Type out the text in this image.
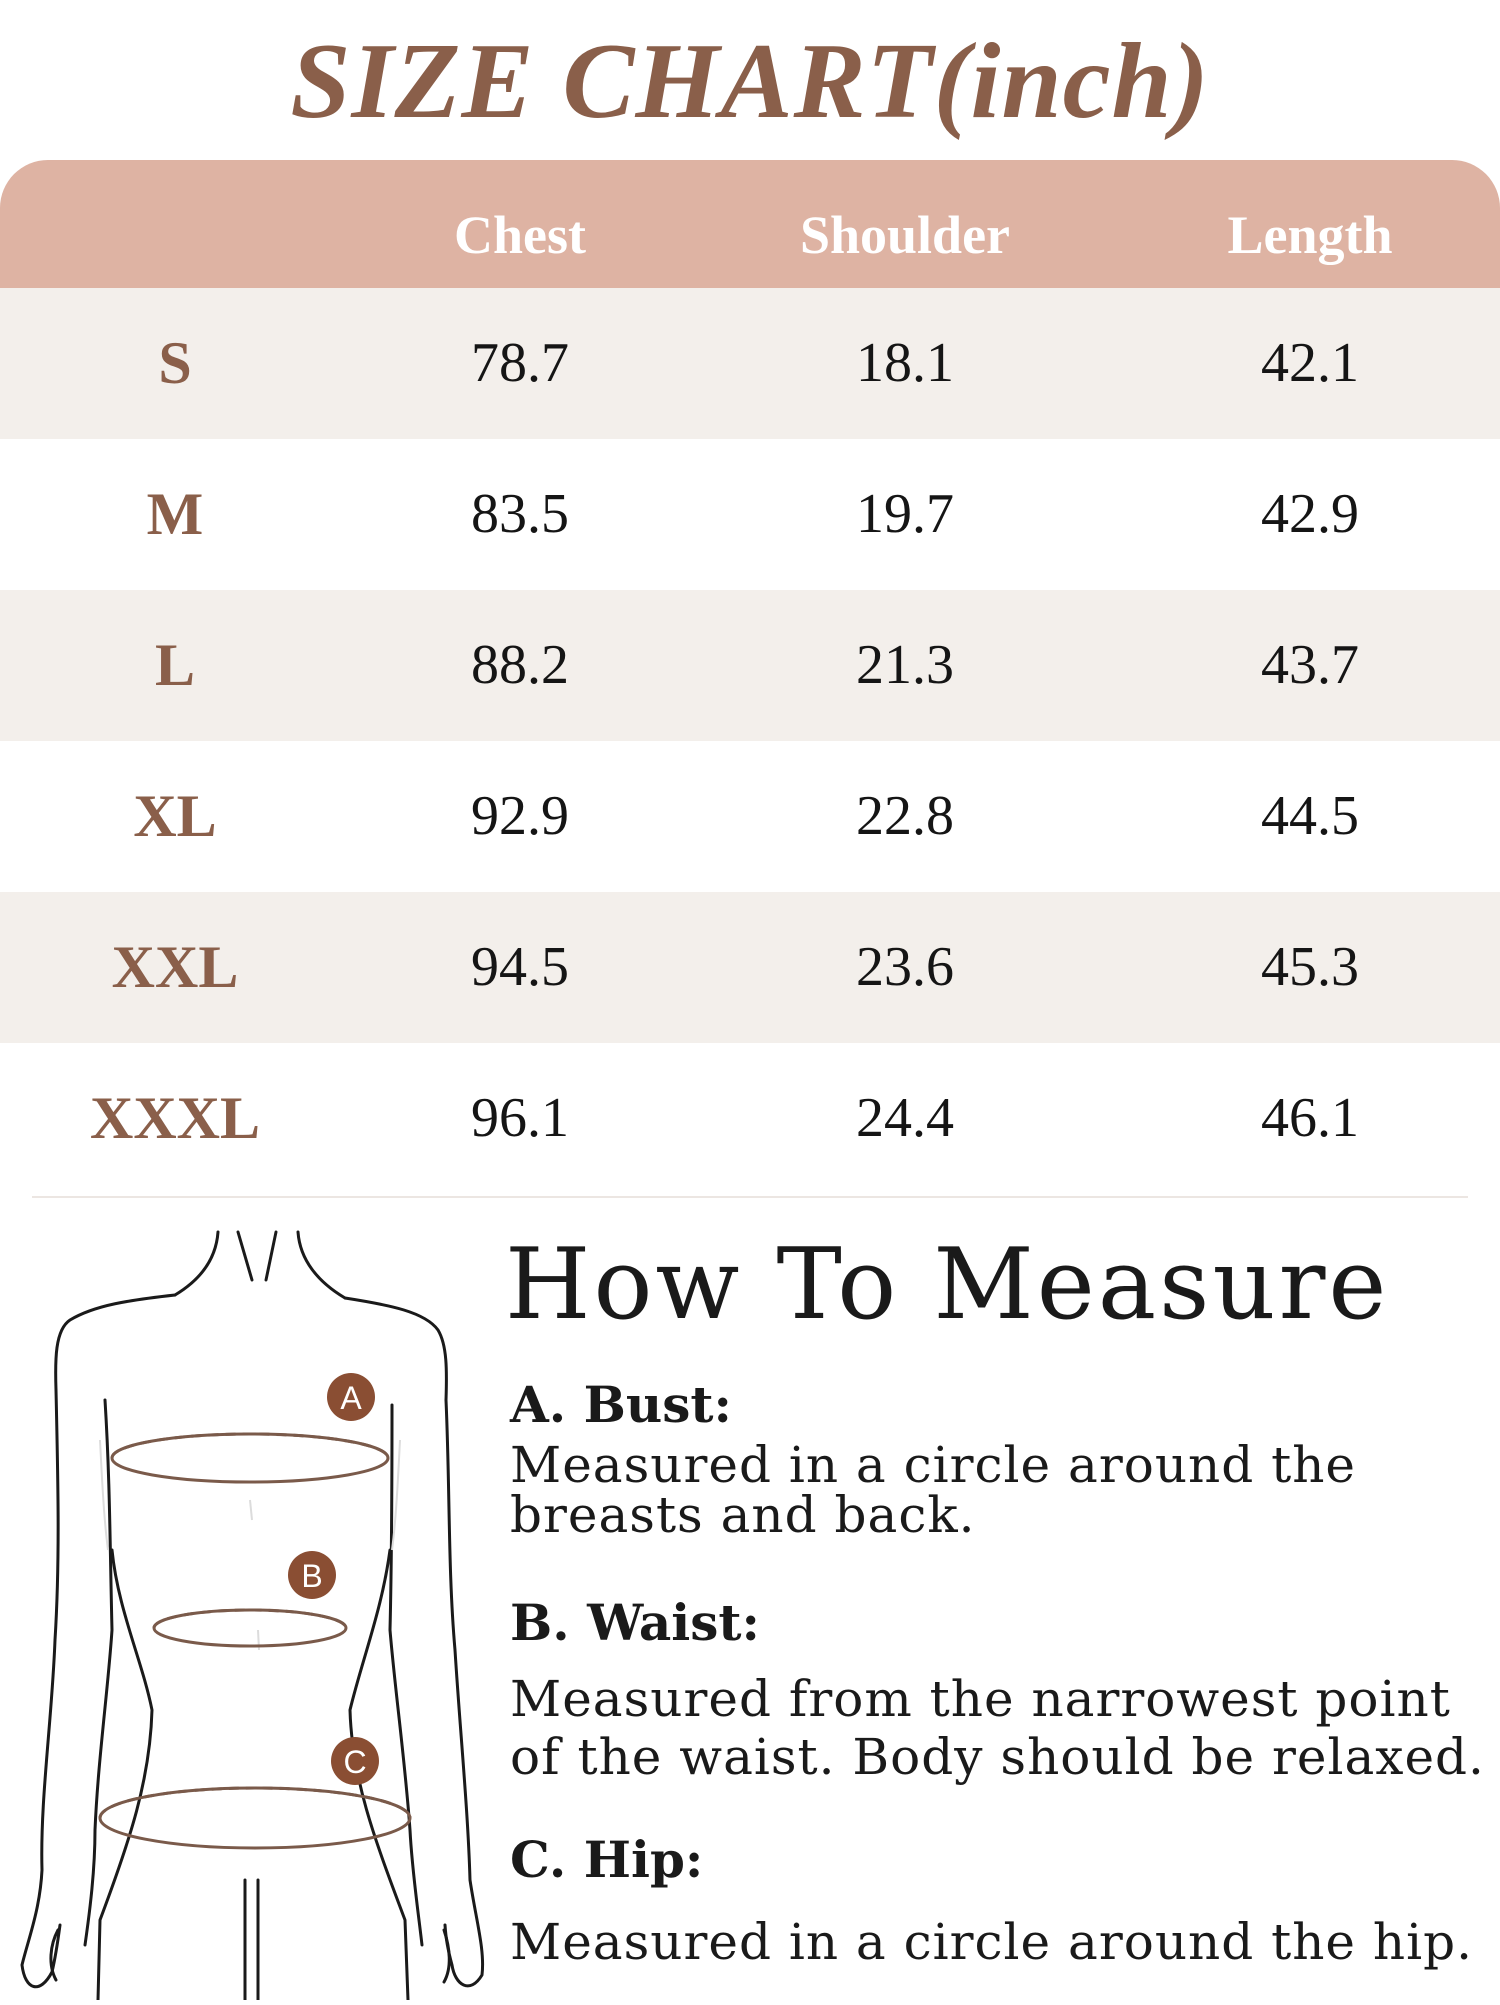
SIZE CHART(inch)
Chest	Shoulder	Length
S	78.7	18.1	42.1
M	83.5	19.7	42.9
L	88.2	21.3	43.7
XL	92.9	22.8	44.5
XXL	94.5	23.6	45.3
XXXL	96.1	24.4	46.1
A
B
C
How To Measure
A. Bust:
Measured in a circle around the
breasts and back.
B. Waist:
Measured from the narrowest point
of the waist. Body should be relaxed.
C. Hip:
Measured in a circle around the hip.
